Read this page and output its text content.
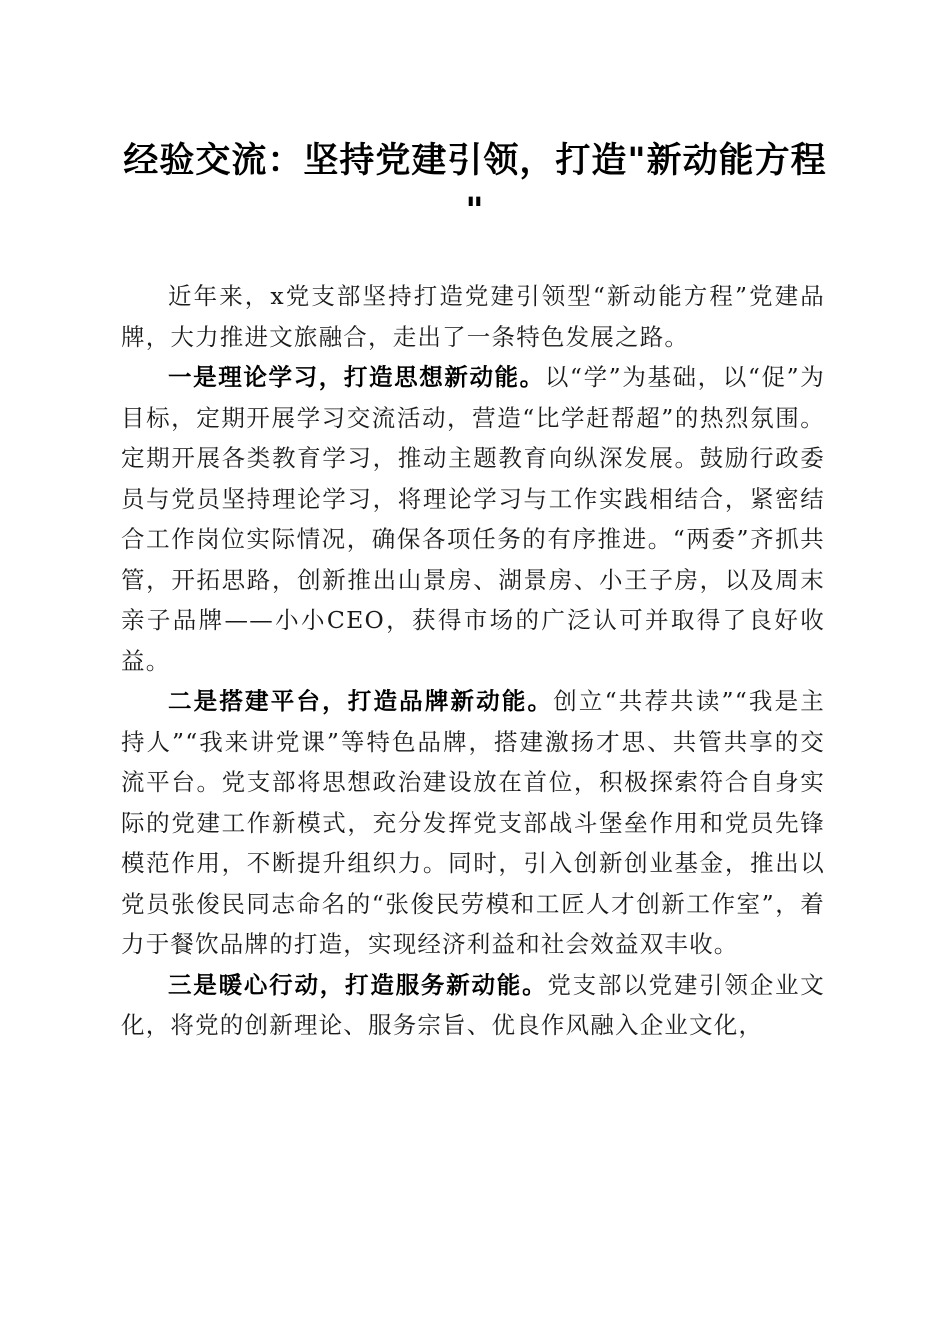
经验交流：坚持党建引领，打造"新动能方程
"

近年来，x党支部坚持打造党建引领型“新动能方程”党建品牌，大力推进文旅融合，走出了一条特色发展之路。

一是理论学习，打造思想新动能。以“学”为基础，以“促”为目标，定期开展学习交流活动，营造“比学赶帮超”的热烈氛围。定期开展各类教育学习，推动主题教育向纵深发展。鼓励行政委员与党员坚持理论学习，将理论学习与工作实践相结合，紧密结合工作岗位实际情况，确保各项任务的有序推进。“两委”齐抓共管，开拓思路，创新推出山景房、湖景房、小王子房，以及周末亲子品牌——小小CEO，获得市场的广泛认可并取得了良好收益。

二是搭建平台，打造品牌新动能。创立“共荐共读”“我是主持人”“我来讲党课”等特色品牌，搭建激扬才思、共管共享的交流平台。党支部将思想政治建设放在首位，积极探索符合自身实际的党建工作新模式，充分发挥党支部战斗堡垒作用和党员先锋模范作用，不断提升组织力。同时，引入创新创业基金，推出以党员张俊民同志命名的“张俊民劳模和工匠人才创新工作室”，着力于餐饮品牌的打造，实现经济利益和社会效益双丰收。

三是暖心行动，打造服务新动能。党支部以党建引领企业文化，将党的创新理论、服务宗旨、优良作风融入企业文化，
